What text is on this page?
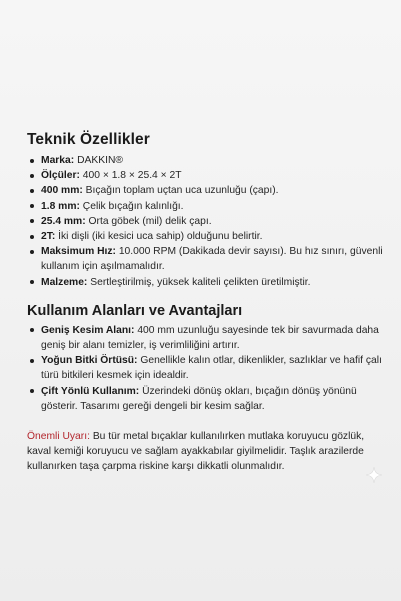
Teknik Özellikler
Marka: DAKKIN®
Ölçüler: 400 × 1.8 × 25.4 × 2T
400 mm: Bıçağın toplam uçtan uca uzunluğu (çapı).
1.8 mm: Çelik bıçağın kalınlığı.
25.4 mm: Orta göbek (mil) delik çapı.
2T: İki dişli (iki kesici uca sahip) olduğunu belirtir.
Maksimum Hız: 10.000 RPM (Dakikada devir sayısı). Bu hız sınırı, güvenli kullanım için aşılmamalıdır.
Malzeme: Sertleştirilmiş, yüksek kaliteli çelikten üretilmiştir.
Kullanım Alanları ve Avantajları
Geniş Kesim Alanı: 400 mm uzunluğu sayesinde tek bir savurmada daha geniş bir alanı temizler, iş verimliliğini artırır.
Yoğun Bitki Örtüsü: Genellikle kalın otlar, dikenlikler, sazlıklar ve hafif çalı türü bitkileri kesmek için idealdir.
Çift Yönlü Kullanım: Üzerindeki dönüş okları, bıçağın dönüş yönünü gösterir. Tasarımı gereği dengeli bir kesim sağlar.

Önemli Uyarı: Bu tür metal bıçaklar kullanılırken mutlaka koruyucu gözlük, kaval kemiği koruyucu ve sağlam ayakkabılar giyilmelidir. Taşlık arazilerde kullanırken taşa çarpma riskine karşı dikkatli olunmalıdır.
